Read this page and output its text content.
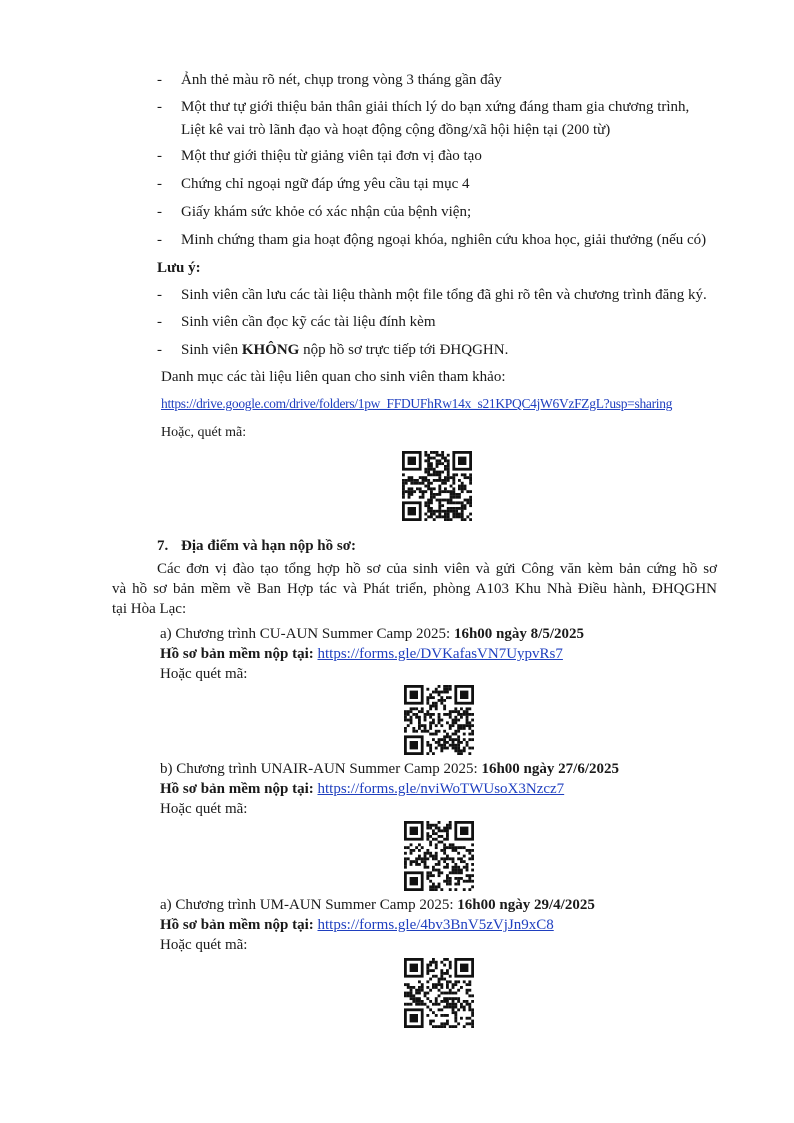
- Ảnh thẻ màu rõ nét, chụp trong vòng 3 tháng gần đây
- Một thư tự giới thiệu bản thân giải thích lý do bạn xứng đáng tham gia chương trình,
Liệt kê vai trò lãnh đạo và hoạt động cộng đồng/xã hội hiện tại (200 từ)
- Một thư giới thiệu từ giảng viên tại đơn vị đào tạo
- Chứng chỉ ngoại ngữ đáp ứng yêu cầu tại mục 4
- Giấy khám sức khỏe có xác nhận của bệnh viện;
- Minh chứng tham gia hoạt động ngoại khóa, nghiên cứu khoa học, giải thưởng (nếu có)
Lưu ý:
- Sinh viên cần lưu các tài liệu thành một file tổng đã ghi rõ tên và chương trình đăng ký.
- Sinh viên cần đọc kỹ các tài liệu đính kèm
- Sinh viên KHÔNG nộp hồ sơ trực tiếp tới ĐHQGHN.
Danh mục các tài liệu liên quan cho sinh viên tham khảo:
https://drive.google.com/drive/folders/1pw_FFDUFhRw14x_s21KPQC4jW6VzFZgL?usp=sharing
Hoặc, quét mã:
7. Địa điểm và hạn nộp hồ sơ:
Các đơn vị đào tạo tổng hợp hồ sơ của sinh viên và gửi Công văn kèm bản cứng hồ sơ
và hồ sơ bản mềm về Ban Hợp tác và Phát triển, phòng A103 Khu Nhà Điều hành, ĐHQGHN
tại Hòa Lạc:
a) Chương trình CU-AUN Summer Camp 2025: 16h00 ngày 8/5/2025
Hồ sơ bản mềm nộp tại: https://forms.gle/DVKafasVN7UypvRs7
Hoặc quét mã:
b) Chương trình UNAIR-AUN Summer Camp 2025: 16h00 ngày 27/6/2025
Hồ sơ bản mềm nộp tại: https://forms.gle/nviWoTWUsoX3Nzcz7
Hoặc quét mã:
a) Chương trình UM-AUN Summer Camp 2025: 16h00 ngày 29/4/2025
Hồ sơ bản mềm nộp tại: https://forms.gle/4bv3BnV5zVjJn9xC8
Hoặc quét mã:
